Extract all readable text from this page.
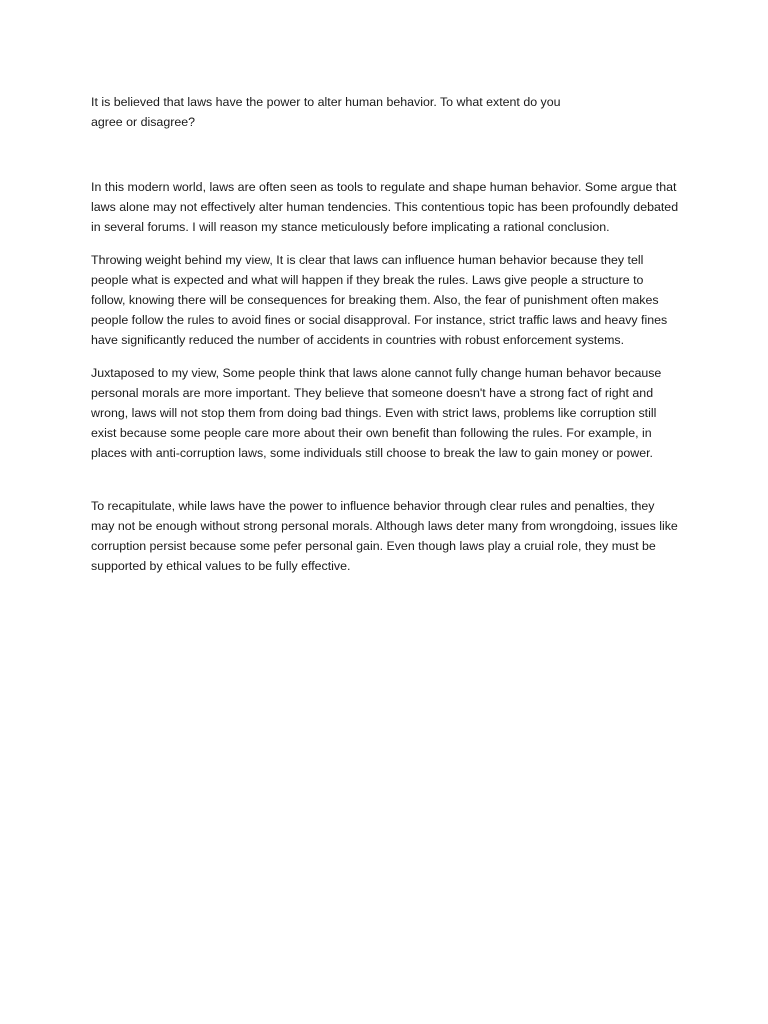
It is believed that laws have the power to alter human behavior. To what extent do you agree or disagree?

In this modern world, laws are often seen as tools to regulate and shape human behavior. Some argue that laws alone may not effectively alter human tendencies. This contentious topic has been profoundly debated in several forums. I will reason my stance meticulously before implicating a rational conclusion.

Throwing weight behind my view, It is clear that laws can influence human behavior because they tell people what is expected and what will happen if they break the rules. Laws give people a structure to follow, knowing there will be consequences for breaking them. Also, the fear of punishment often makes people follow the rules to avoid fines or social disapproval. For instance, strict traffic laws and heavy fines have significantly reduced the number of accidents in countries with robust enforcement systems.

Juxtaposed to my view, Some people think that laws alone cannot fully change human behavor because personal morals are more important. They believe that someone doesn't have a strong fact of right and wrong, laws will not stop them from doing bad things. Even with strict laws, problems like corruption still exist because some people care more about their own benefit than following the rules. For example, in places with anti-corruption laws, some individuals still choose to break the law to gain money or power.

To recapitulate, while laws have the power to influence behavior through clear rules and penalties, they may not be enough without strong personal morals. Although laws deter many from wrongdoing, issues like corruption persist because some pefer personal gain. Even though laws play a cruial role, they must be supported by ethical values to be fully effective.
